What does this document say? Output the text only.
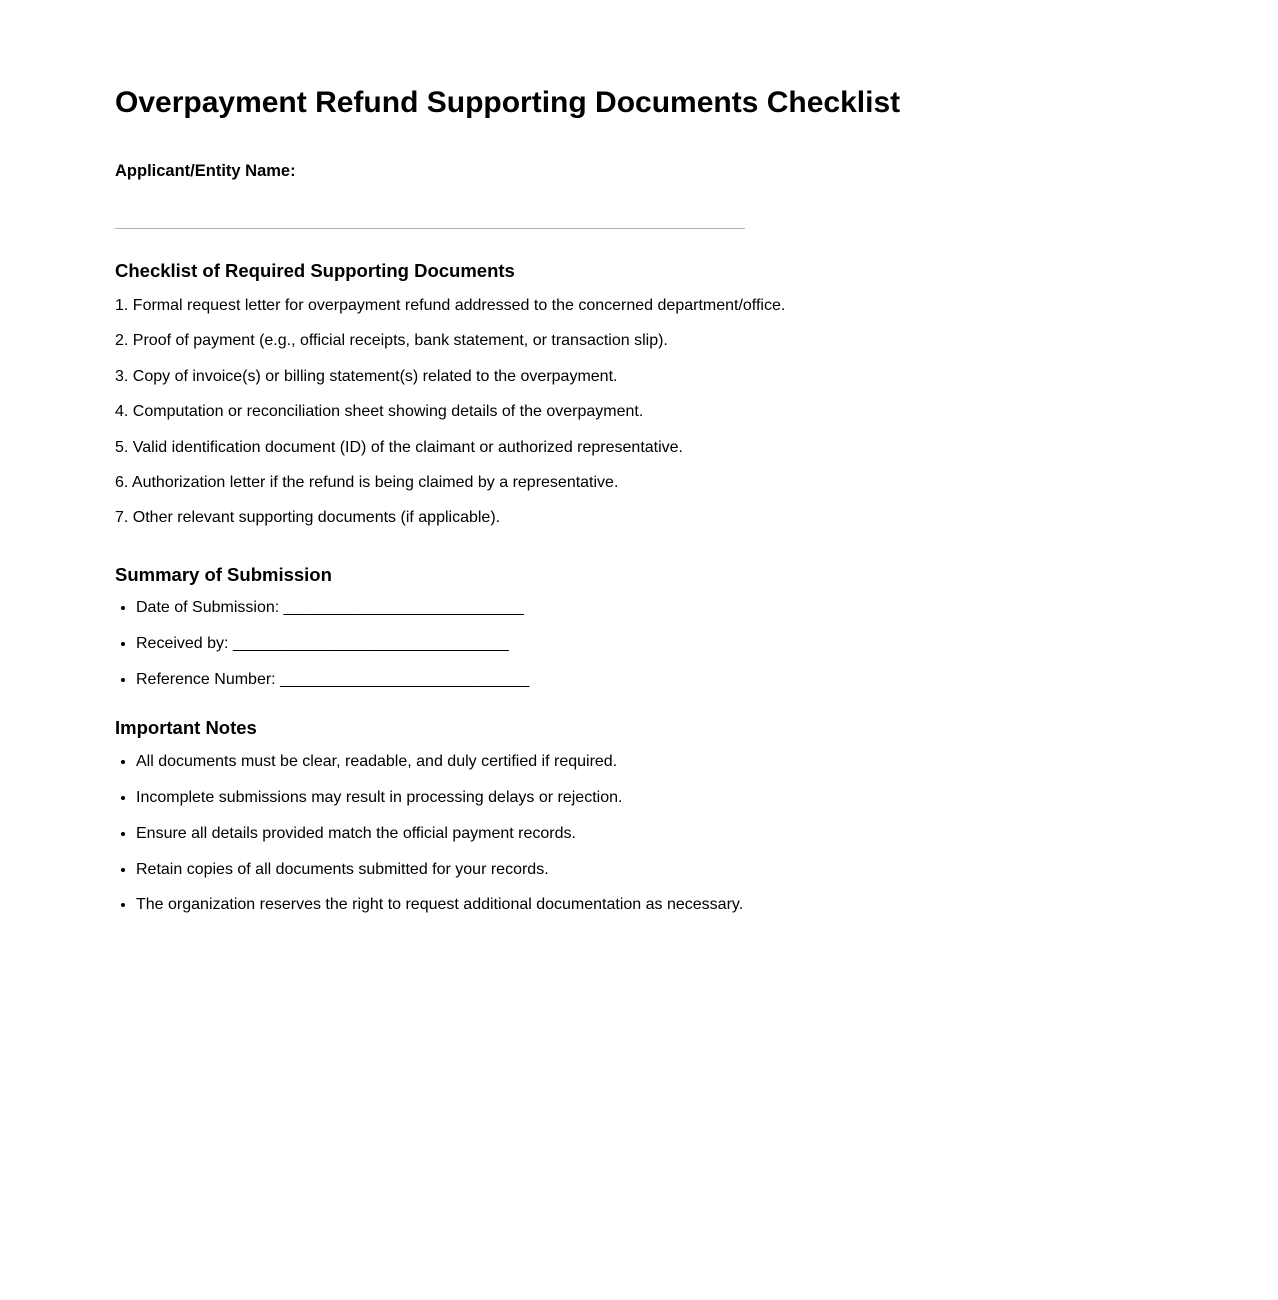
Overpayment Refund Supporting Documents Checklist

Applicant/Entity Name:

Checklist of Required Supporting Documents

1. Formal request letter for overpayment refund addressed to the concerned department/office.

2. Proof of payment (e.g., official receipts, bank statement, or transaction slip).

3. Copy of invoice(s) or billing statement(s) related to the overpayment.

4. Computation or reconciliation sheet showing details of the overpayment.

5. Valid identification document (ID) of the claimant or authorized representative.

6. Authorization letter if the refund is being claimed by a representative.

7. Other relevant supporting documents (if applicable).

Summary of Submission
• Date of Submission: ___________________________
• Received by: _______________________________
• Reference Number: ____________________________
Important Notes
• All documents must be clear, readable, and duly certified if required.
• Incomplete submissions may result in processing delays or rejection.
• Ensure all details provided match the official payment records.
• Retain copies of all documents submitted for your records.
• The organization reserves the right to request additional documentation as necessary.
